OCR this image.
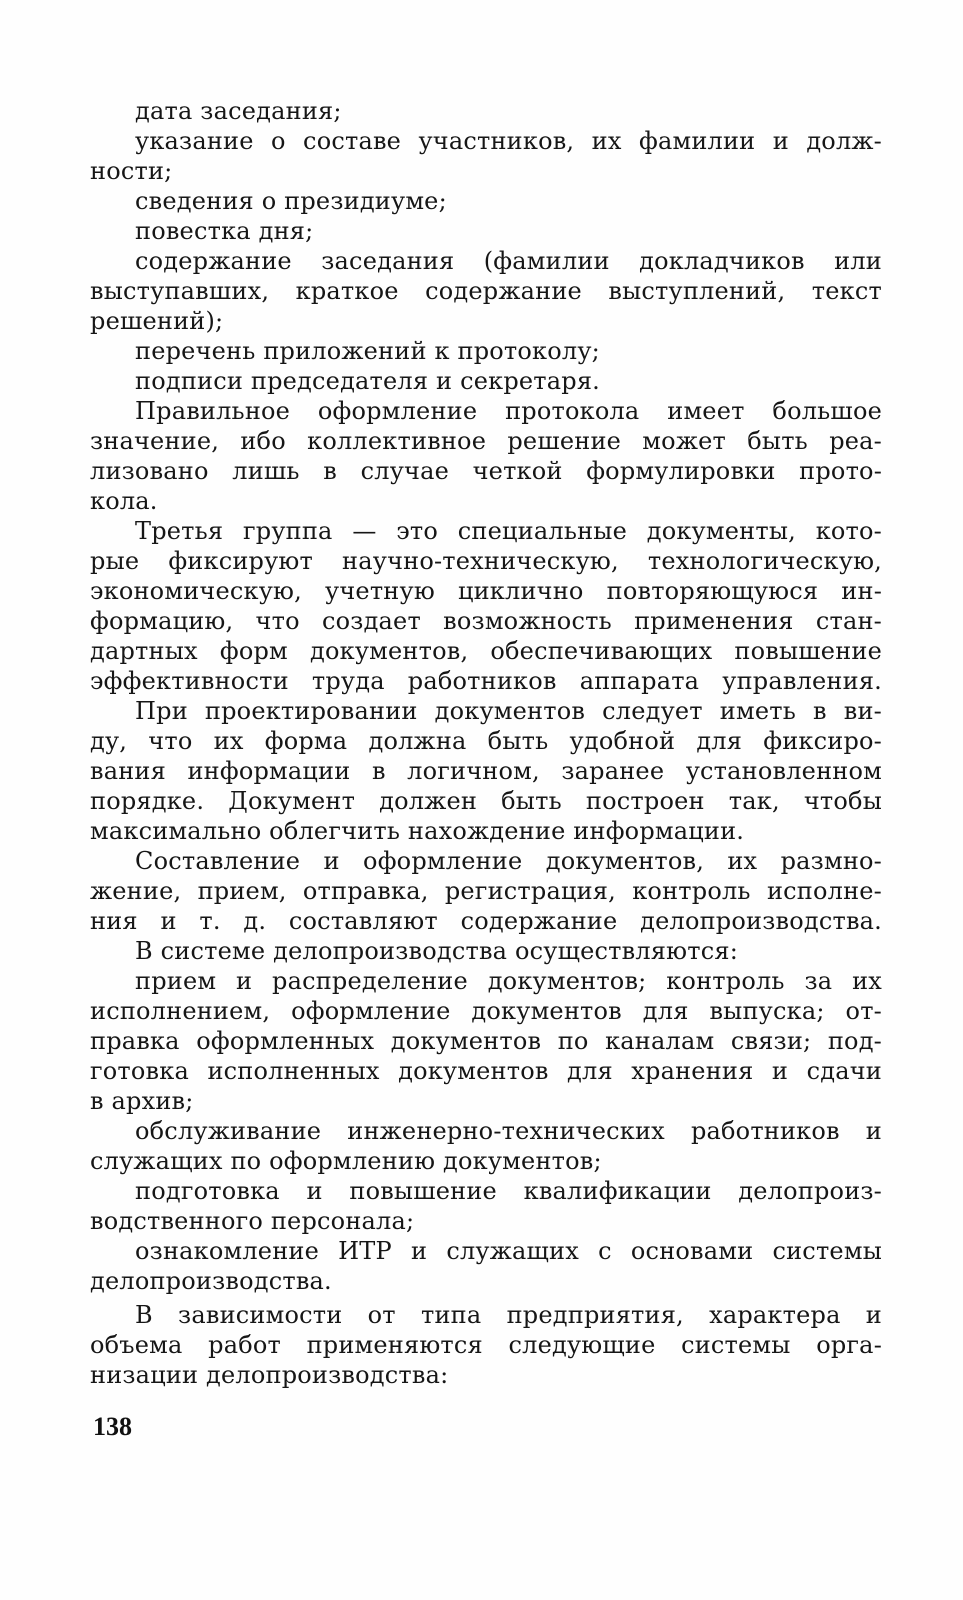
дата заседания;
указание о составе участников, их фамилии и долж-
ности;
сведения о президиуме;
повестка дня;
содержание заседания (фамилии докладчиков или
выступавших, краткое содержание выступлений, текст
решений);
перечень приложений к протоколу;
подписи председателя и секретаря.
Правильное оформление протокола имеет большое
значение, ибо коллективное решение может быть реа-
лизовано лишь в случае четкой формулировки прото-
кола.
Третья группа — это специальные документы, кото-
рые фиксируют научно-техническую, технологическую,
экономическую, учетную циклично повторяющуюся ин-
формацию, что создает возможность применения стан-
дартных форм документов, обеспечивающих повышение
эффективности труда работников аппарата управления.
При проектировании документов следует иметь в ви-
ду, что их форма должна быть удобной для фиксиро-
вания информации в логичном, заранее установленном
порядке. Документ должен быть построен так, чтобы
максимально облегчить нахождение информации.
Составление и оформление документов, их размно-
жение, прием, отправка, регистрация, контроль исполне-
ния и т. д. составляют содержание делопроизводства.
В системе делопроизводства осуществляются:
прием и распределение документов; контроль за их
исполнением, оформление документов для выпуска; от-
правка оформленных документов по каналам связи; под-
готовка исполненных документов для хранения и сдачи
в архив;
обслуживание инженерно-технических работников и
служащих по оформлению документов;
подготовка и повышение квалификации делопроиз-
водственного персонала;
ознакомление ИТР и служащих с основами системы
делопроизводства.
В зависимости от типа предприятия, характера и
объема работ применяются следующие системы орга-
низации делопроизводства:
138
